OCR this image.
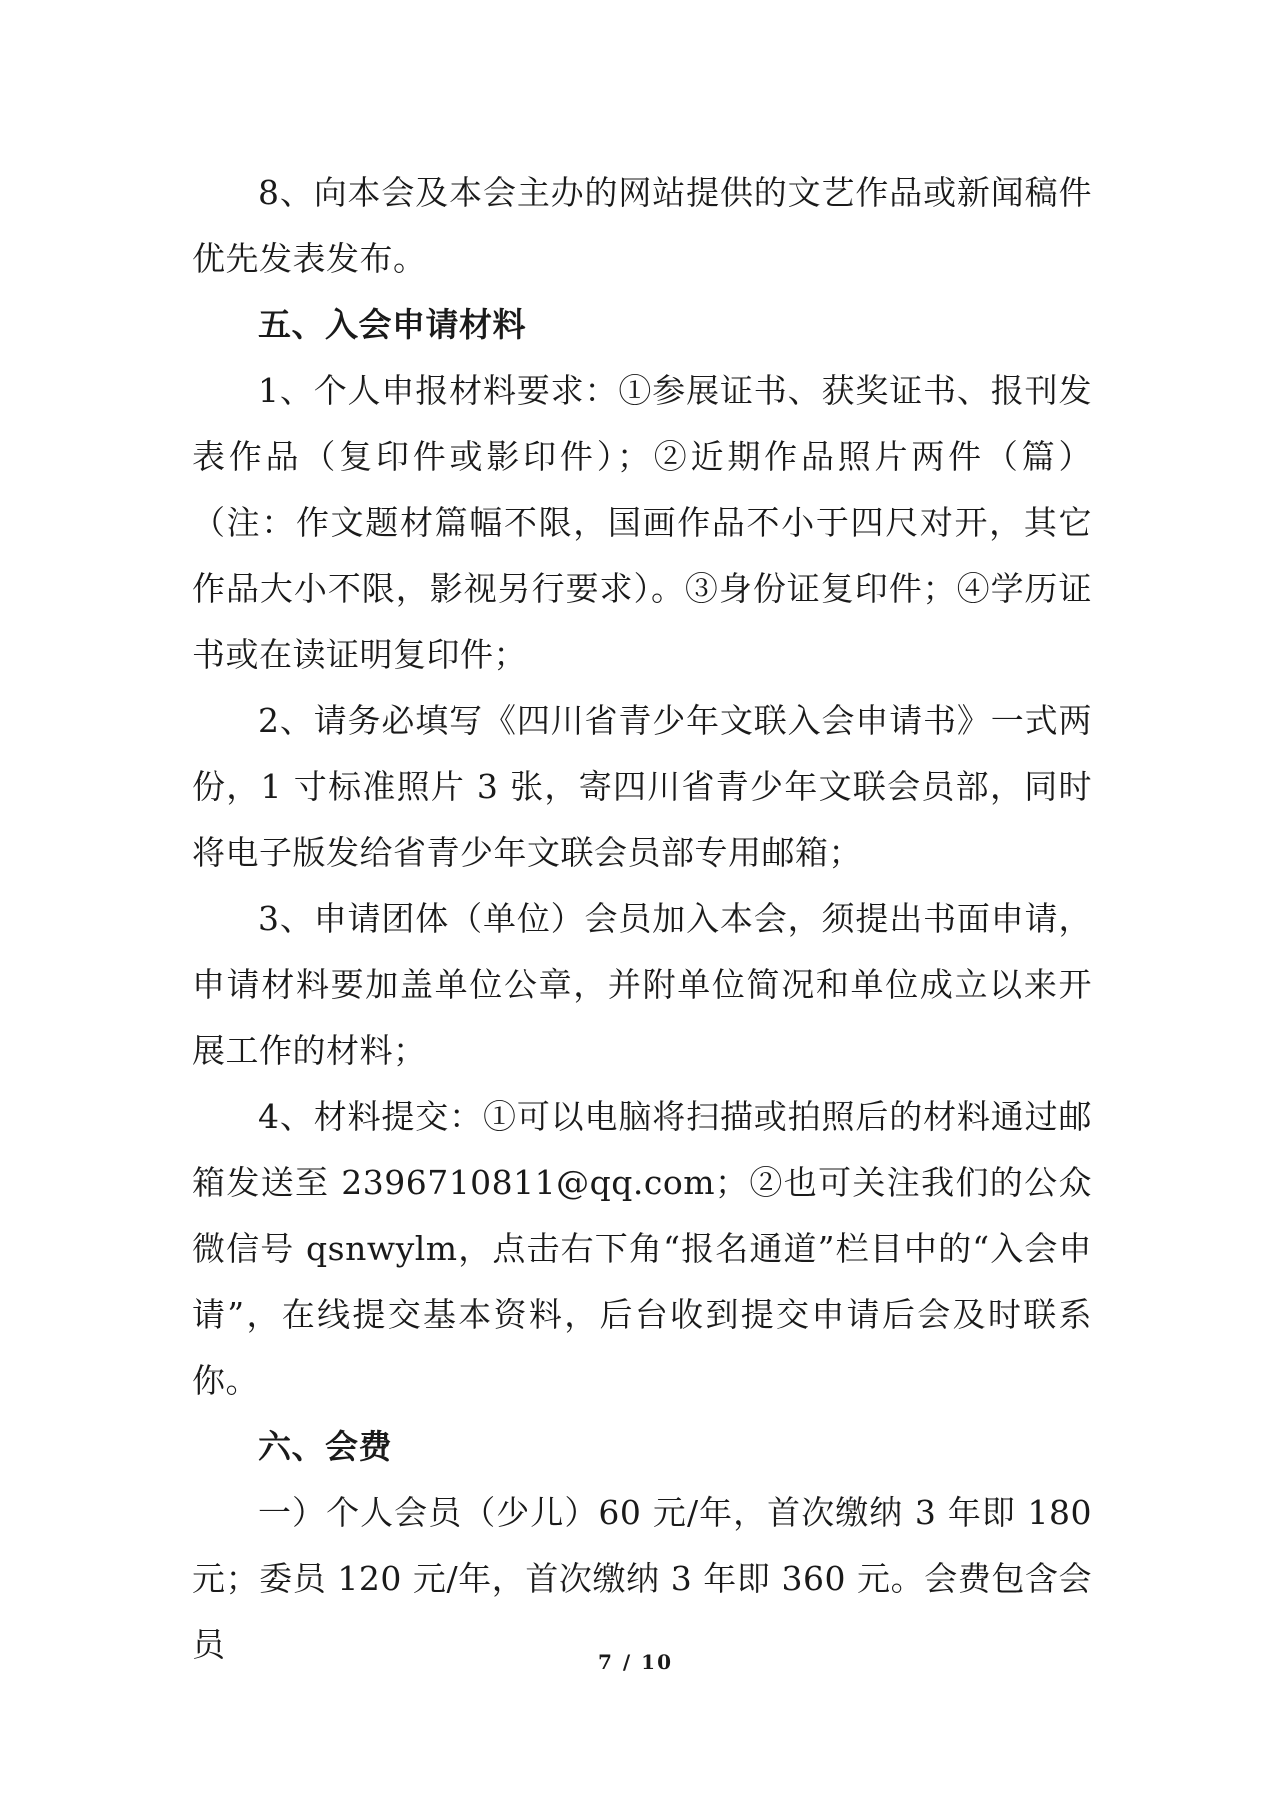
8、向本会及本会主办的网站提供的文艺作品或新闻稿件优先发表发布。

五、入会申请材料

1、个人申报材料要求：①参展证书、获奖证书、报刊发表作品（复印件或影印件）；②近期作品照片两件（篇）（注：作文题材篇幅不限，国画作品不小于四尺对开，其它作品大小不限，影视另行要求）。③身份证复印件；④学历证书或在读证明复印件；

2、请务必填写《四川省青少年文联入会申请书》一式两份，1 寸标准照片 3 张，寄四川省青少年文联会员部，同时将电子版发给省青少年文联会员部专用邮箱；

3、申请团体（单位）会员加入本会，须提出书面申请，申请材料要加盖单位公章，并附单位简况和单位成立以来开展工作的材料；

4、材料提交：①可以电脑将扫描或拍照后的材料通过邮箱发送至 2396710811@qq.com；②也可关注我们的公众微信号 qsnwylm，点击右下角“报名通道”栏目中的“入会申请”，在线提交基本资料，后台收到提交申请后会及时联系你。

六、会费

一）个人会员（少儿）60 元/年，首次缴纳 3 年即 180 元；委员 120 元/年，首次缴纳 3 年即 360 元。会费包含会员	7 / 10
